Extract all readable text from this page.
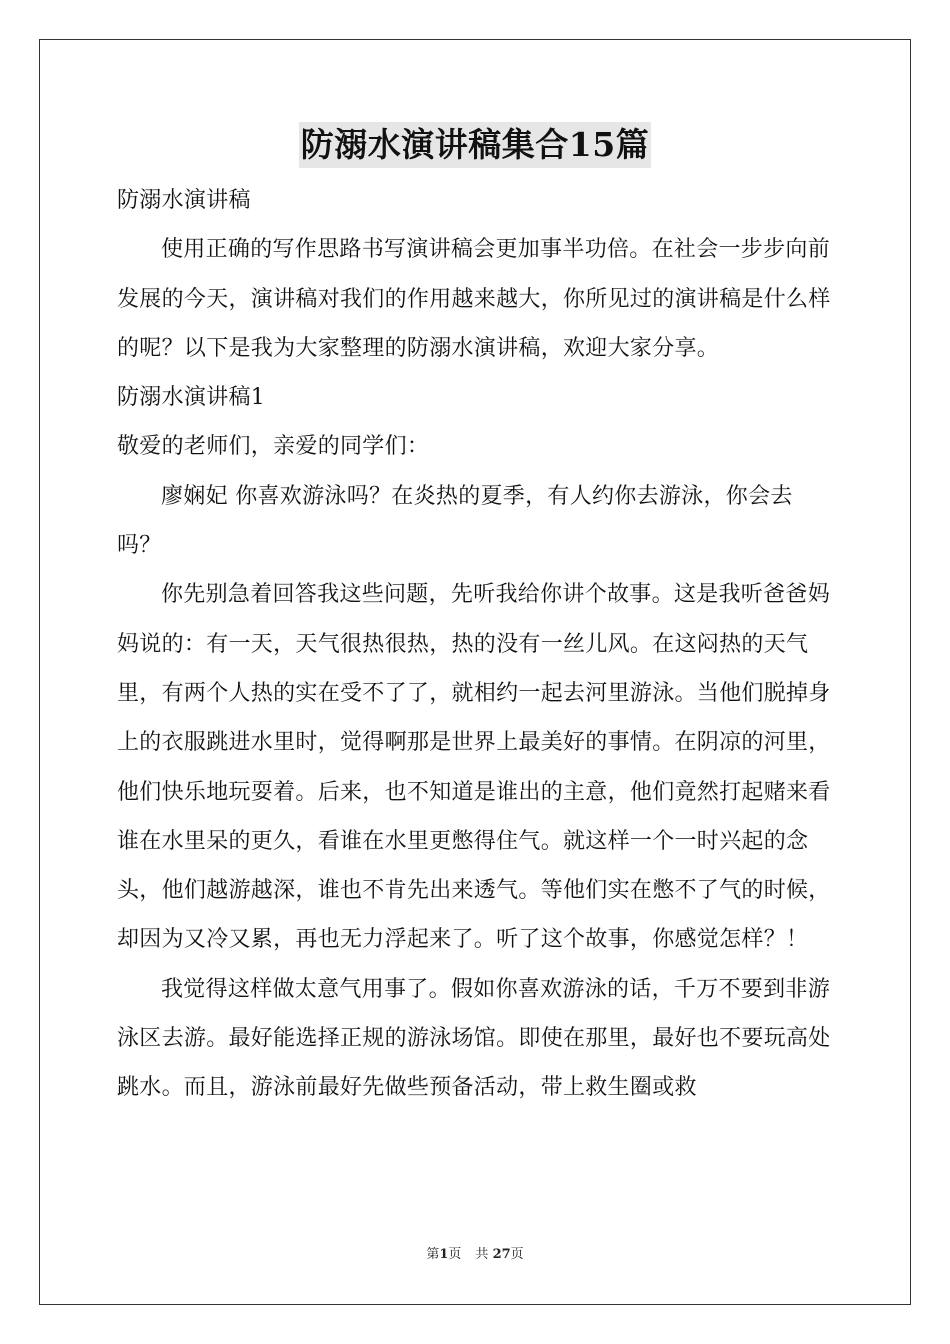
防溺水演讲稿集合15篇

防溺水演讲稿

使用正确的写作思路书写演讲稿会更加事半功倍。在社会一步步向前发展的今天，演讲稿对我们的作用越来越大，你所见过的演讲稿是什么样的呢？以下是我为大家整理的防溺水演讲稿，欢迎大家分享。

防溺水演讲稿1

敬爱的老师们，亲爱的同学们：

廖娴妃 你喜欢游泳吗？在炎热的夏季，有人约你去游泳，你会去吗？

你先别急着回答我这些问题，先听我给你讲个故事。这是我听爸爸妈妈说的：有一天，天气很热很热，热的没有一丝儿风。在这闷热的天气里，有两个人热的实在受不了了，就相约一起去河里游泳。当他们脱掉身上的衣服跳进水里时，觉得啊那是世界上最美好的事情。在阴凉的河里，他们快乐地玩耍着。后来，也不知道是谁出的主意，他们竟然打起赌来看谁在水里呆的更久，看谁在水里更憋得住气。就这样一个一时兴起的念头，他们越游越深，谁也不肯先出来透气。等他们实在憋不了气的时候，却因为又冷又累，再也无力浮起来了。听了这个故事，你感觉怎样？！

我觉得这样做太意气用事了。假如你喜欢游泳的话，千万不要到非游泳区去游。最好能选择正规的游泳场馆。即使在那里，最好也不要玩高处跳水。而且，游泳前最好先做些预备活动，带上救生圈或救

第1页 共 27页
